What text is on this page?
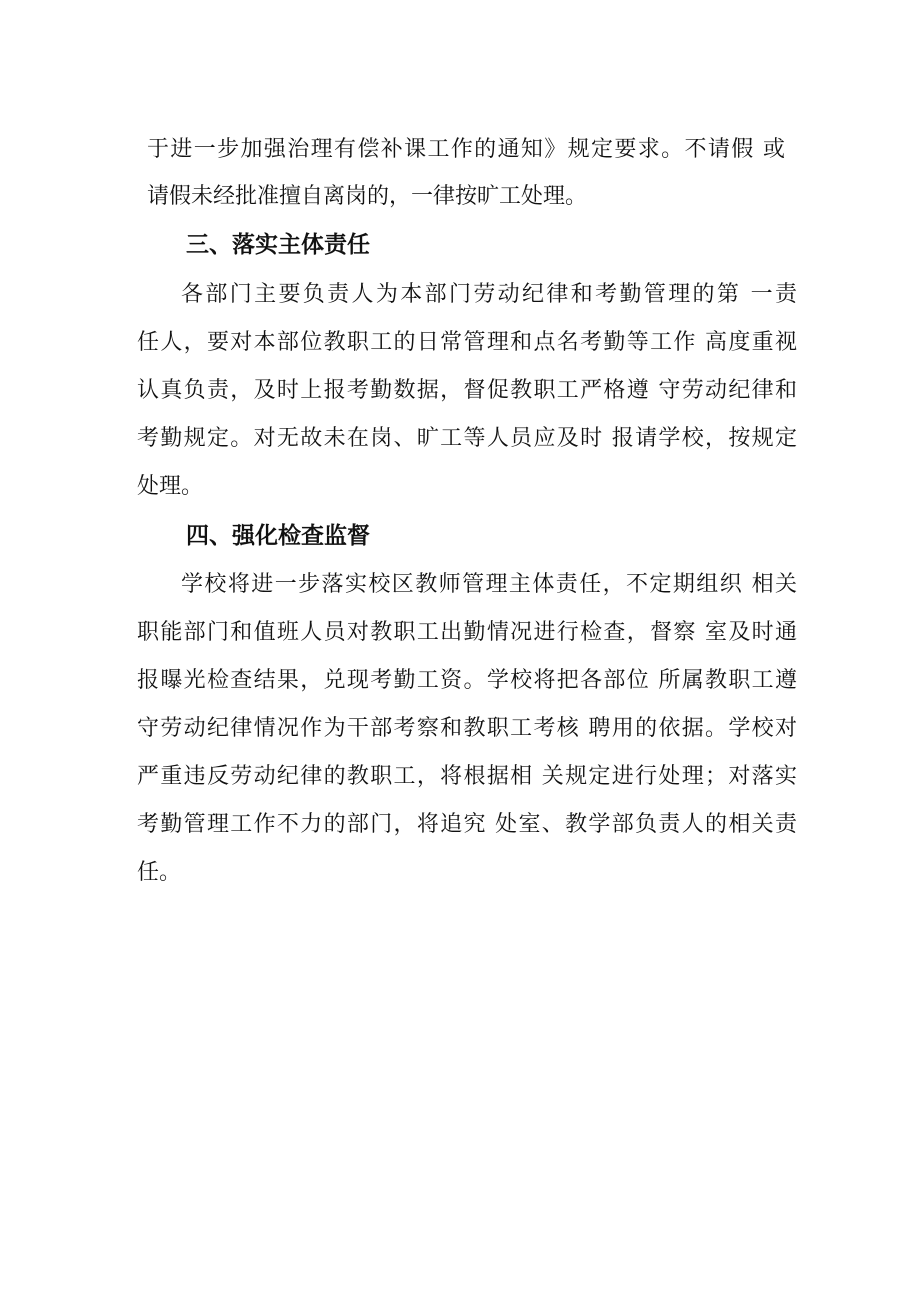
于进一步加强治理有偿补课工作的通知》规定要求。不请假 或
请假未经批准擅自离岗的，一律按旷工处理。
三、落实主体责任
各部门主要负责人为本部门劳动纪律和考勤管理的第 一责
任人，要对本部位教职工的日常管理和点名考勤等工作 高度重视
认真负责，及时上报考勤数据，督促教职工严格遵 守劳动纪律和
考勤规定。对无故未在岗、旷工等人员应及时 报请学校，按规定
处理。
四、强化检查监督
学校将进一步落实校区教师管理主体责任，不定期组织 相关
职能部门和值班人员对教职工出勤情况进行检查，督察 室及时通
报曝光检查结果，兑现考勤工资。学校将把各部位 所属教职工遵
守劳动纪律情况作为干部考察和教职工考核 聘用的依据。学校对
严重违反劳动纪律的教职工，将根据相 关规定进行处理；对落实
考勤管理工作不力的部门，将追究 处室、教学部负责人的相关责
任。
